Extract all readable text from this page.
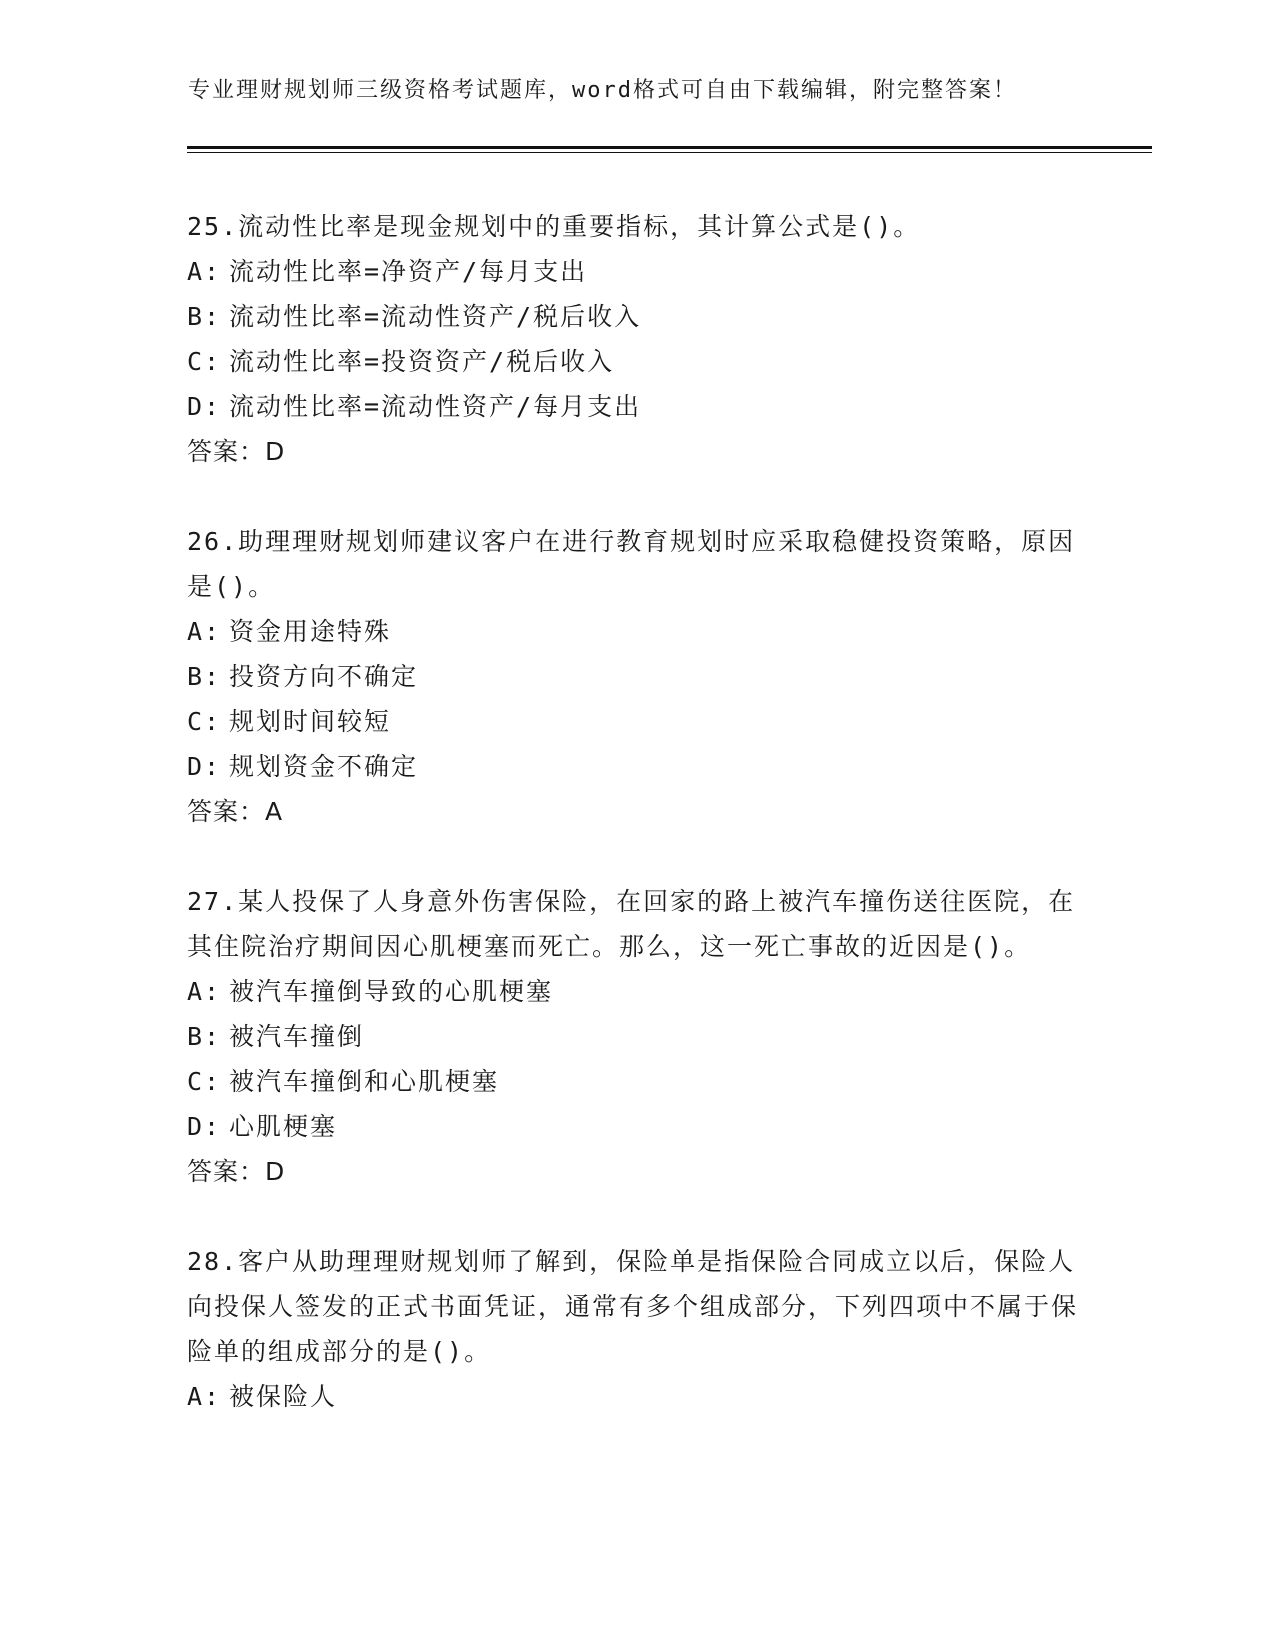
专业理财规划师三级资格考试题库，word格式可自由下载编辑，附完整答案！

25.流动性比率是现金规划中的重要指标，其计算公式是()。

A: 流动性比率=净资产/每月支出
B: 流动性比率=流动性资产/税后收入
C: 流动性比率=投资资产/税后收入
D: 流动性比率=流动性资产/每月支出
答案：D

26.助理理财规划师建议客户在进行教育规划时应采取稳健投资策略，原因是()。

A: 资金用途特殊
B: 投资方向不确定
C: 规划时间较短
D: 规划资金不确定
答案：A

27.某人投保了人身意外伤害保险，在回家的路上被汽车撞伤送往医院，在其住院治疗期间因心肌梗塞而死亡。那么，这一死亡事故的近因是()。

A: 被汽车撞倒导致的心肌梗塞
B: 被汽车撞倒
C: 被汽车撞倒和心肌梗塞
D: 心肌梗塞
答案：D

28.客户从助理理财规划师了解到，保险单是指保险合同成立以后，保险人向投保人签发的正式书面凭证，通常有多个组成部分，下列四项中不属于保险单的组成部分的是()。

A: 被保险人
